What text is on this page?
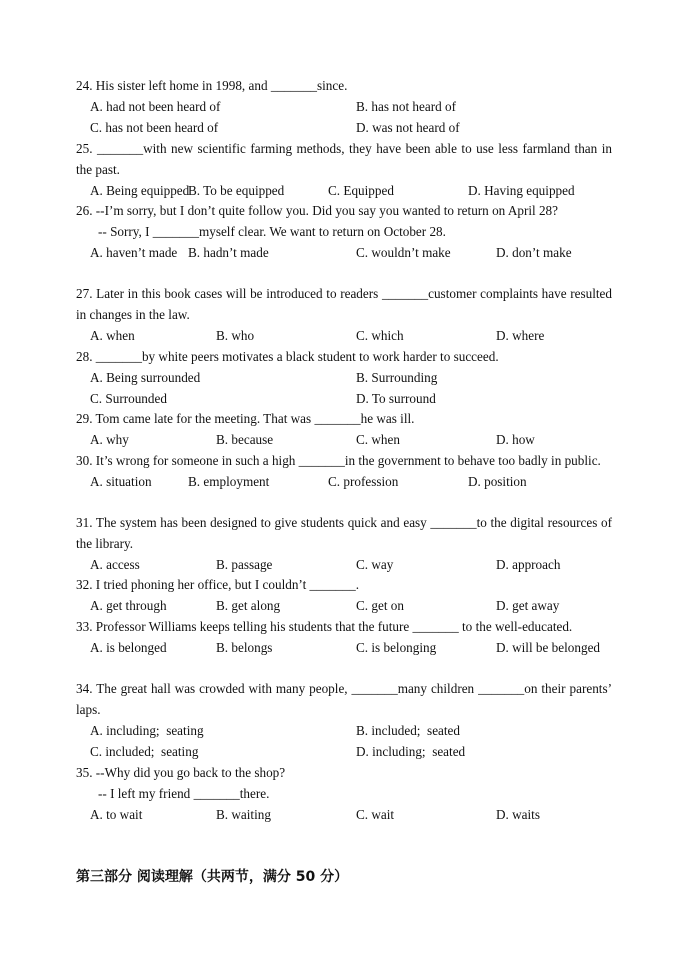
24. His sister left home in 1998, and _______since.
A. had not been heard of	B. has not heard of
C. has not been heard of	D. was not heard of
25. _______with new scientific farming methods, they have been able to use less farmland than in the past.
A. Being equipped
B. To be equipped	C. Equipped	D. Having equipped
26. --I’m sorry, but I don’t quite follow you. Did you say you wanted to return on April 28?
-- Sorry, I _______myself clear. We want to return on October 28.
A. haven’t made B. hadn’t made	C. wouldn’t make	D. don’t make
27. Later in this book cases will be introduced to readers _______customer complaints have resulted in changes in the law.
A. when	B. who	C. which	D. where
28. _______by white peers motivates a black student to work harder to succeed.
A. Being surrounded	B. Surrounding
C. Surrounded	D. To surround
29. Tom came late for the meeting. That was _______he was ill.
A. why	B. because	C. when	D. how
30. It’s wrong for someone in such a high _______in the government to behave too badly in public.
A. situation	B. employment	C. profession	D. position
31. The system has been designed to give students quick and easy _______to the digital resources of the library.
A. access	B. passage	C. way	D. approach
32. I tried phoning her office, but I couldn’t _______.
A. get through	B. get along	C. get on	D. get away
33. Professor Williams keeps telling his students that the future _______ to the well-educated.
A. is belonged	B. belongs	C. is belonging	D. will be belonged
34. The great hall was crowded with many people, _______many children _______on their parents’ laps.
A. including;  seating	B. included;  seated
C. included;  seating	D. including;  seated
35. --Why did you go back to the shop?
-- I left my friend _______there.
A. to wait	B. waiting	C. wait	D. waits
第三部分 阅读理解（共两节，满分 50 分）
